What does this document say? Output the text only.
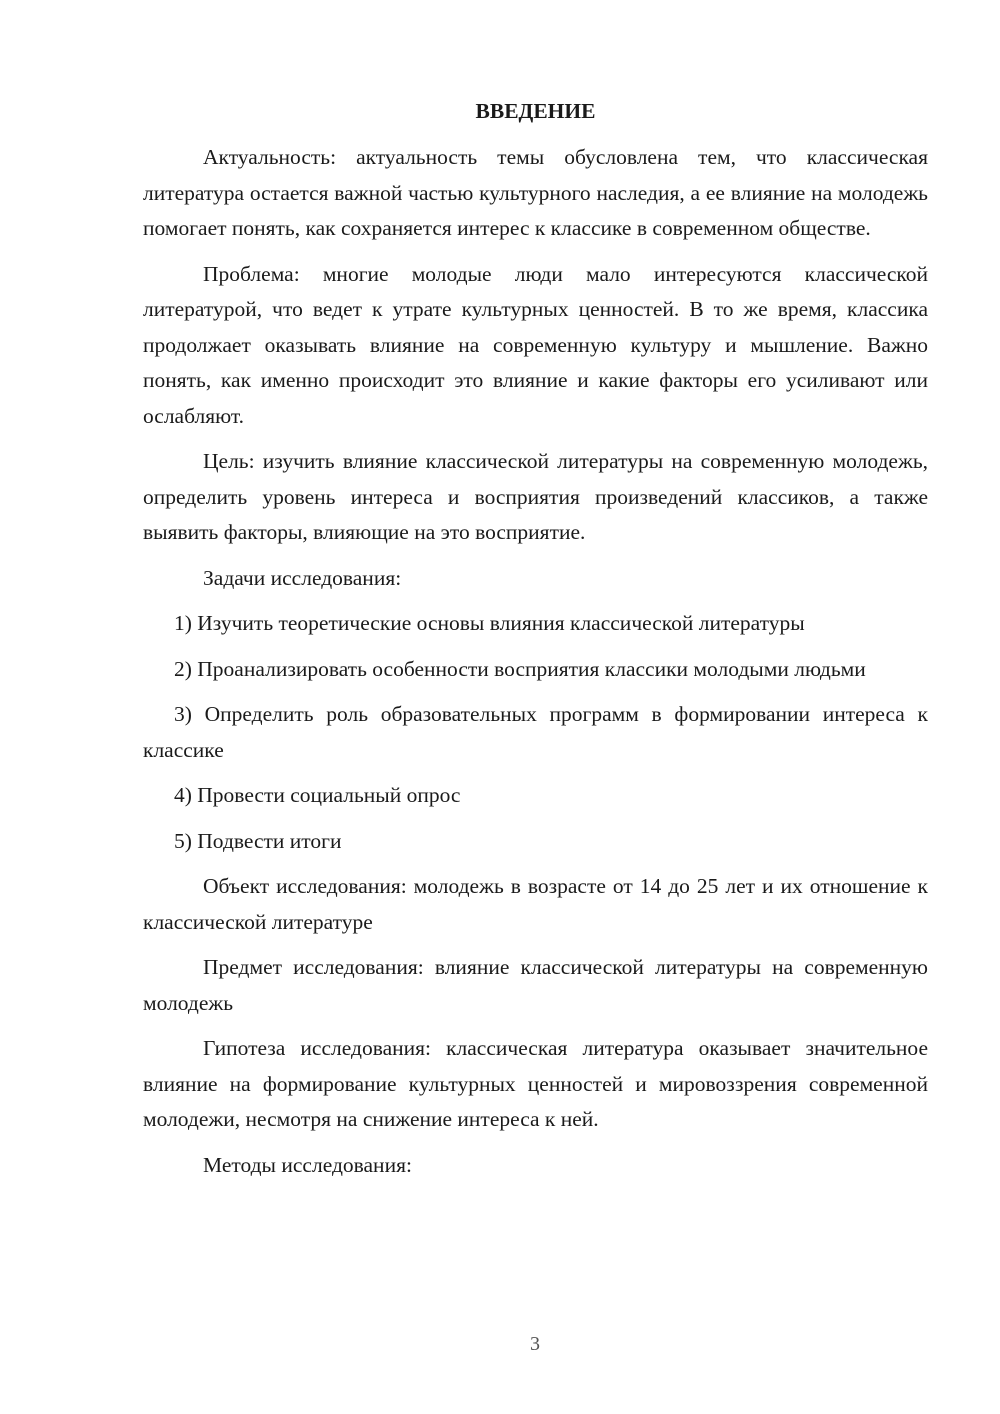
ВВЕДЕНИЕ

Актуальность: актуальность темы обусловлена тем, что классическая литература остается важной частью культурного наследия, а ее влияние на молодежь помогает понять, как сохраняется интерес к классике в современном обществе.

Проблема: многие молодые люди мало интересуются классической литературой, что ведет к утрате культурных ценностей. В то же время, классика продолжает оказывать влияние на современную культуру и мышление. Важно понять, как именно происходит это влияние и какие факторы его усиливают или ослабляют.

Цель: изучить влияние классической литературы на современную молодежь, определить уровень интереса и восприятия произведений классиков, а также выявить факторы, влияющие на это восприятие.

Задачи исследования:

1) Изучить теоретические основы влияния классической литературы

2) Проанализировать особенности восприятия классики молодыми людьми

3) Определить роль образовательных программ в формировании интереса к классике

4) Провести социальный опрос

5) Подвести итоги

Объект исследования: молодежь в возрасте от 14 до 25 лет и их отношение к классической литературе

Предмет исследования: влияние классической литературы на современную молодежь

Гипотеза исследования: классическая литература оказывает значительное влияние на формирование культурных ценностей и мировоззрения современной молодежи, несмотря на снижение интереса к ней.

Методы исследования:

3
